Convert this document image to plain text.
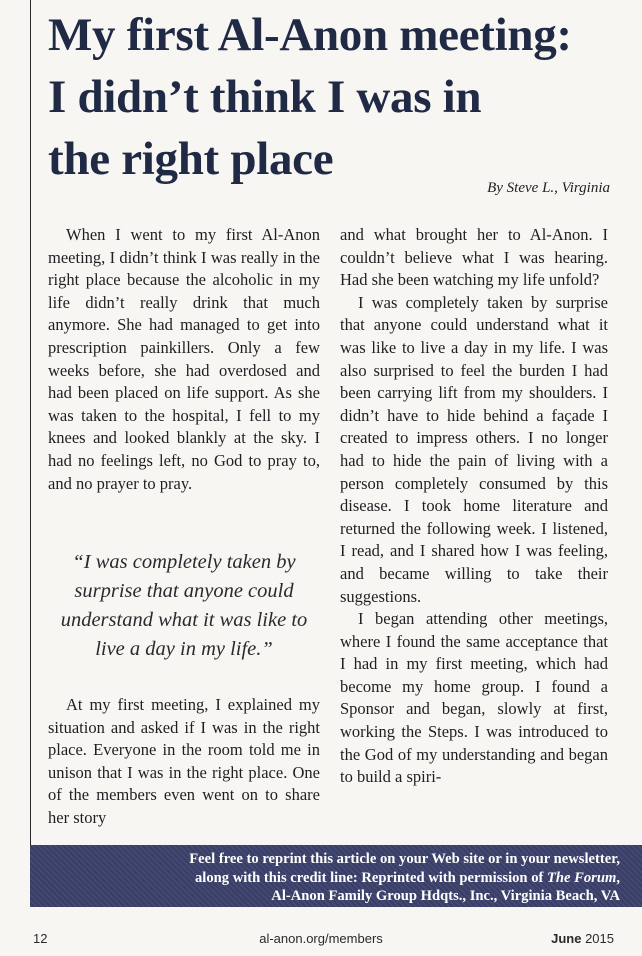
My first Al-Anon meeting:
I didn’t think I was in
the right place
By Steve L., Virginia

When I went to my first Al-Anon meeting, I didn’t think I was really in the right place because the alcoholic in my life didn’t really drink that much anymore. She had managed to get into prescription painkillers. Only a few weeks before, she had overdosed and had been placed on life support. As she was taken to the hospital, I fell to my knees and looked blankly at the sky. I had no feelings left, no God to pray to, and no prayer to pray.

“I was completely taken by surprise that anyone could understand what it was like to live a day in my life.”

At my first meeting, I explained my situation and asked if I was in the right place. Everyone in the room told me in unison that I was in the right place. One of the members even went on to share her story

and what brought her to Al-Anon. I couldn’t believe what I was hearing. Had she been watching my life unfold?

I was completely taken by surprise that anyone could understand what it was like to live a day in my life. I was also surprised to feel the burden I had been carrying lift from my shoulders. I didn’t have to hide behind a façade I created to impress others. I no longer had to hide the pain of living with a person completely consumed by this disease. I took home literature and returned the following week. I listened, I read, and I shared how I was feeling, and became willing to take their suggestions.

I began attending other meetings, where I found the same acceptance that I had in my first meeting, which had become my home group. I found a Sponsor and began, slowly at first, working the Steps. I was introduced to the God of my understanding and began to build a spiri-

Feel free to reprint this article on your Web site or in your newsletter,
along with this credit line: Reprinted with permission of The Forum,
Al-Anon Family Group Hdqts., Inc., Virginia Beach, VA
12	al-anon.org/members	June 2015
